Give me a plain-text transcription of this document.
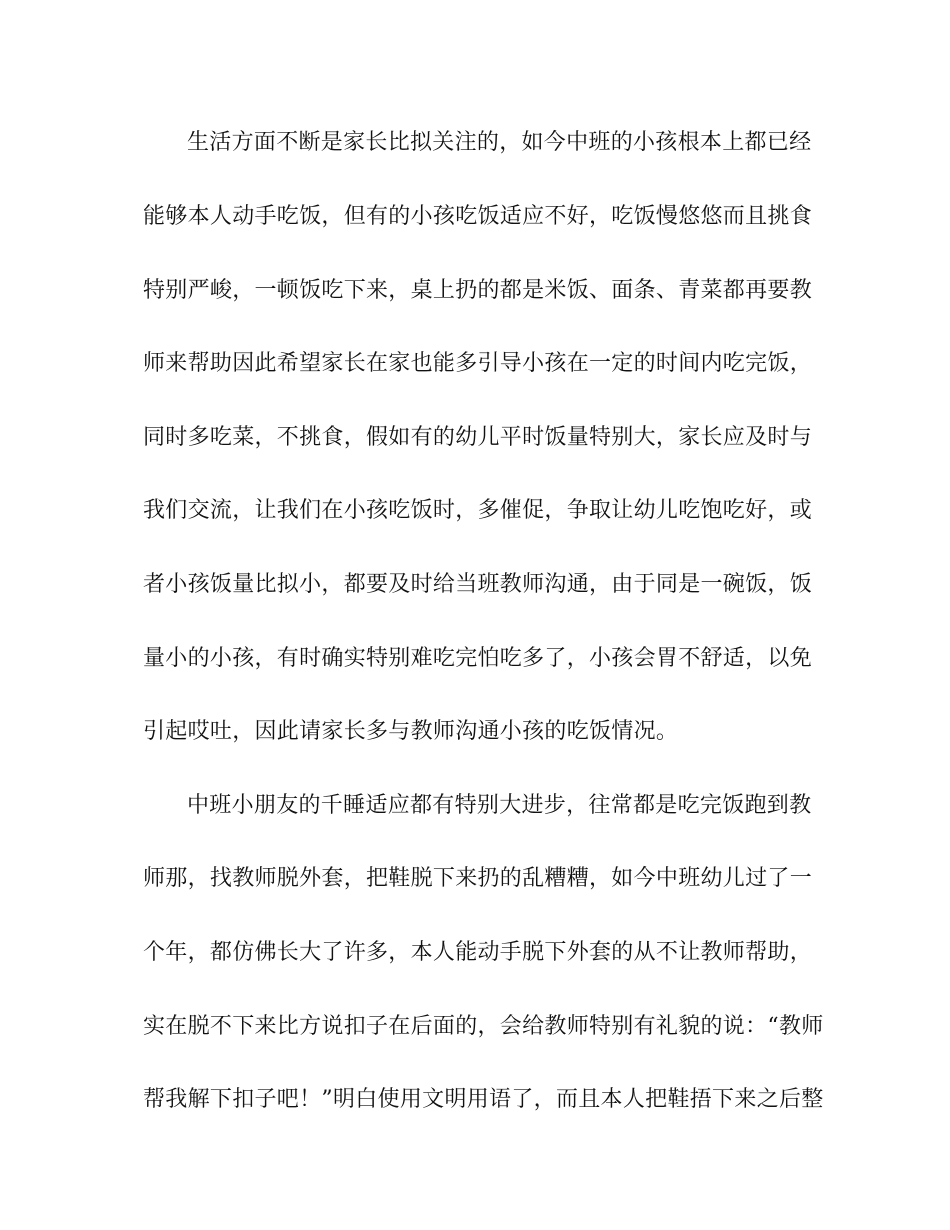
生活方面不断是家长比拟关注的，如今中班的小孩根本上都已经

能够本人动手吃饭，但有的小孩吃饭适应不好，吃饭慢悠悠而且挑食

特别严峻，一顿饭吃下来，桌上扔的都是米饭、面条、青菜都再要教

师来帮助因此希望家长在家也能多引导小孩在一定的时间内吃完饭，

同时多吃菜，不挑食，假如有的幼儿平时饭量特别大，家长应及时与

我们交流，让我们在小孩吃饭时，多催促，争取让幼儿吃饱吃好，或

者小孩饭量比拟小，都要及时给当班教师沟通，由于同是一碗饭，饭

量小的小孩，有时确实特别难吃完怕吃多了，小孩会胃不舒适，以免

引起哎吐，因此请家长多与教师沟通小孩的吃饭情况。

中班小朋友的千睡适应都有特别大进步，往常都是吃完饭跑到教

师那，找教师脱外套，把鞋脱下来扔的乱糟糟，如今中班幼儿过了一

个年，都仿佛长大了许多，本人能动手脱下外套的从不让教师帮助，

实在脱不下来比方说扣子在后面的，会给教师特别有礼貌的说：“教师

帮我解下扣子吧！”明白使用文明用语了，而且本人把鞋捂下来之后整
